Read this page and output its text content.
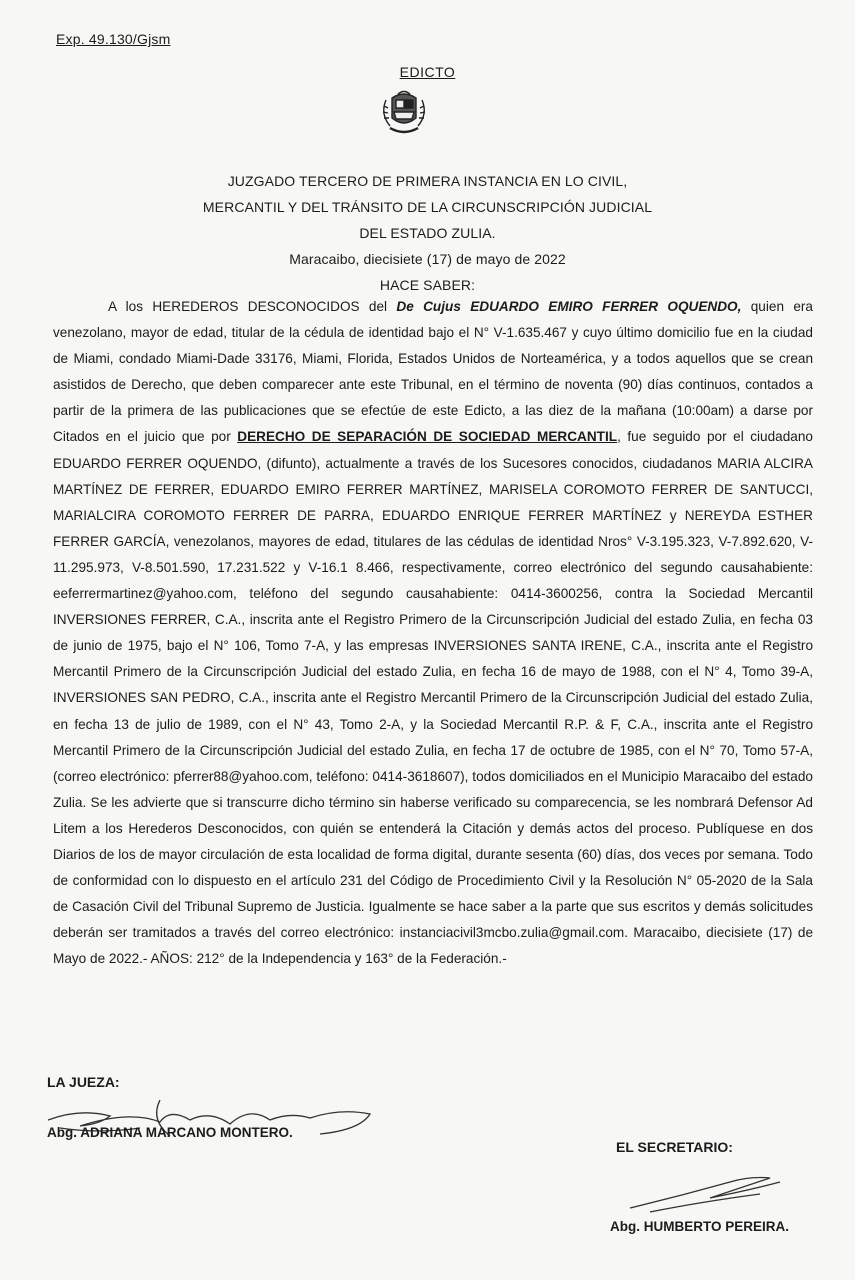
Exp. 49.130/Gjsm
EDICTO
JUZGADO TERCERO DE PRIMERA INSTANCIA EN LO CIVIL,
MERCANTIL Y DEL TRÁNSITO DE LA CIRCUNSCRIPCIÓN JUDICIAL
DEL ESTADO ZULIA.
Maracaibo, diecisiete (17) de mayo de 2022
HACE SABER:

A los HEREDEROS DESCONOCIDOS del De Cujus EDUARDO EMIRO FERRER OQUENDO, quien era venezolano, mayor de edad, titular de la cédula de identidad bajo el N° V-1.635.467 y cuyo último domicilio fue en la ciudad de Miami, condado Miami-Dade 33176, Miami, Florida, Estados Unidos de Norteamérica, y a todos aquellos que se crean asistidos de Derecho, que deben comparecer ante este Tribunal, en el término de noventa (90) días continuos, contados a partir de la primera de las publicaciones que se efectúe de este Edicto, a las diez de la mañana (10:00am) a darse por Citados en el juicio que por DERECHO DE SEPARACIÓN DE SOCIEDAD MERCANTIL, fue seguido por el ciudadano EDUARDO FERRER OQUENDO, (difunto), actualmente a través de los Sucesores conocidos, ciudadanos MARIA ALCIRA MARTÍNEZ DE FERRER, EDUARDO EMIRO FERRER MARTÍNEZ, MARISELA COROMOTO FERRER DE SANTUCCI, MARIALCIRA COROMOTO FERRER DE PARRA, EDUARDO ENRIQUE FERRER MARTÍNEZ y NEREYDA ESTHER FERRER GARCÍA, venezolanos, mayores de edad, titulares de las cédulas de identidad Nros° V-3.195.323, V-7.892.620, V-11.295.973, V-8.501.590, 17.231.522 y V-16.1 8.466, respectivamente, correo electrónico del segundo causahabiente: eeferrermartinez@yahoo.com, teléfono del segundo causahabiente: 0414-3600256, contra la Sociedad Mercantil INVERSIONES FERRER, C.A., inscrita ante el Registro Primero de la Circunscripción Judicial del estado Zulia, en fecha 03 de junio de 1975, bajo el N° 106, Tomo 7-A, y las empresas INVERSIONES SANTA IRENE, C.A., inscrita ante el Registro Mercantil Primero de la Circunscripción Judicial del estado Zulia, en fecha 16 de mayo de 1988, con el N° 4, Tomo 39-A, INVERSIONES SAN PEDRO, C.A., inscrita ante el Registro Mercantil Primero de la Circunscripción Judicial del estado Zulia, en fecha 13 de julio de 1989, con el N° 43, Tomo 2-A, y la Sociedad Mercantil R.P. & F, C.A., inscrita ante el Registro Mercantil Primero de la Circunscripción Judicial del estado Zulia, en fecha 17 de octubre de 1985, con el N° 70, Tomo 57-A, (correo electrónico: pferrer88@yahoo.com, teléfono: 0414-3618607), todos domiciliados en el Municipio Maracaibo del estado Zulia. Se les advierte que si transcurre dicho término sin haberse verificado su comparecencia, se les nombrará Defensor Ad Litem a los Herederos Desconocidos, con quién se entenderá la Citación y demás actos del proceso. Publíquese en dos Diarios de los de mayor circulación de esta localidad de forma digital, durante sesenta (60) días, dos veces por semana. Todo de conformidad con lo dispuesto en el artículo 231 del Código de Procedimiento Civil y la Resolución N° 05-2020 de la Sala de Casación Civil del Tribunal Supremo de Justicia. Igualmente se hace saber a la parte que sus escritos y demás solicitudes deberán ser tramitados a través del correo electrónico: instanciacivil3mcbo.zulia@gmail.com. Maracaibo, diecisiete (17) de Mayo de 2022.- AÑOS: 212° de la Independencia y 163° de la Federación.-

LA JUEZA:
Abg. ADRIANA MARCANO MONTERO.
EL SECRETARIO:
Abg. HUMBERTO PEREIRA.
